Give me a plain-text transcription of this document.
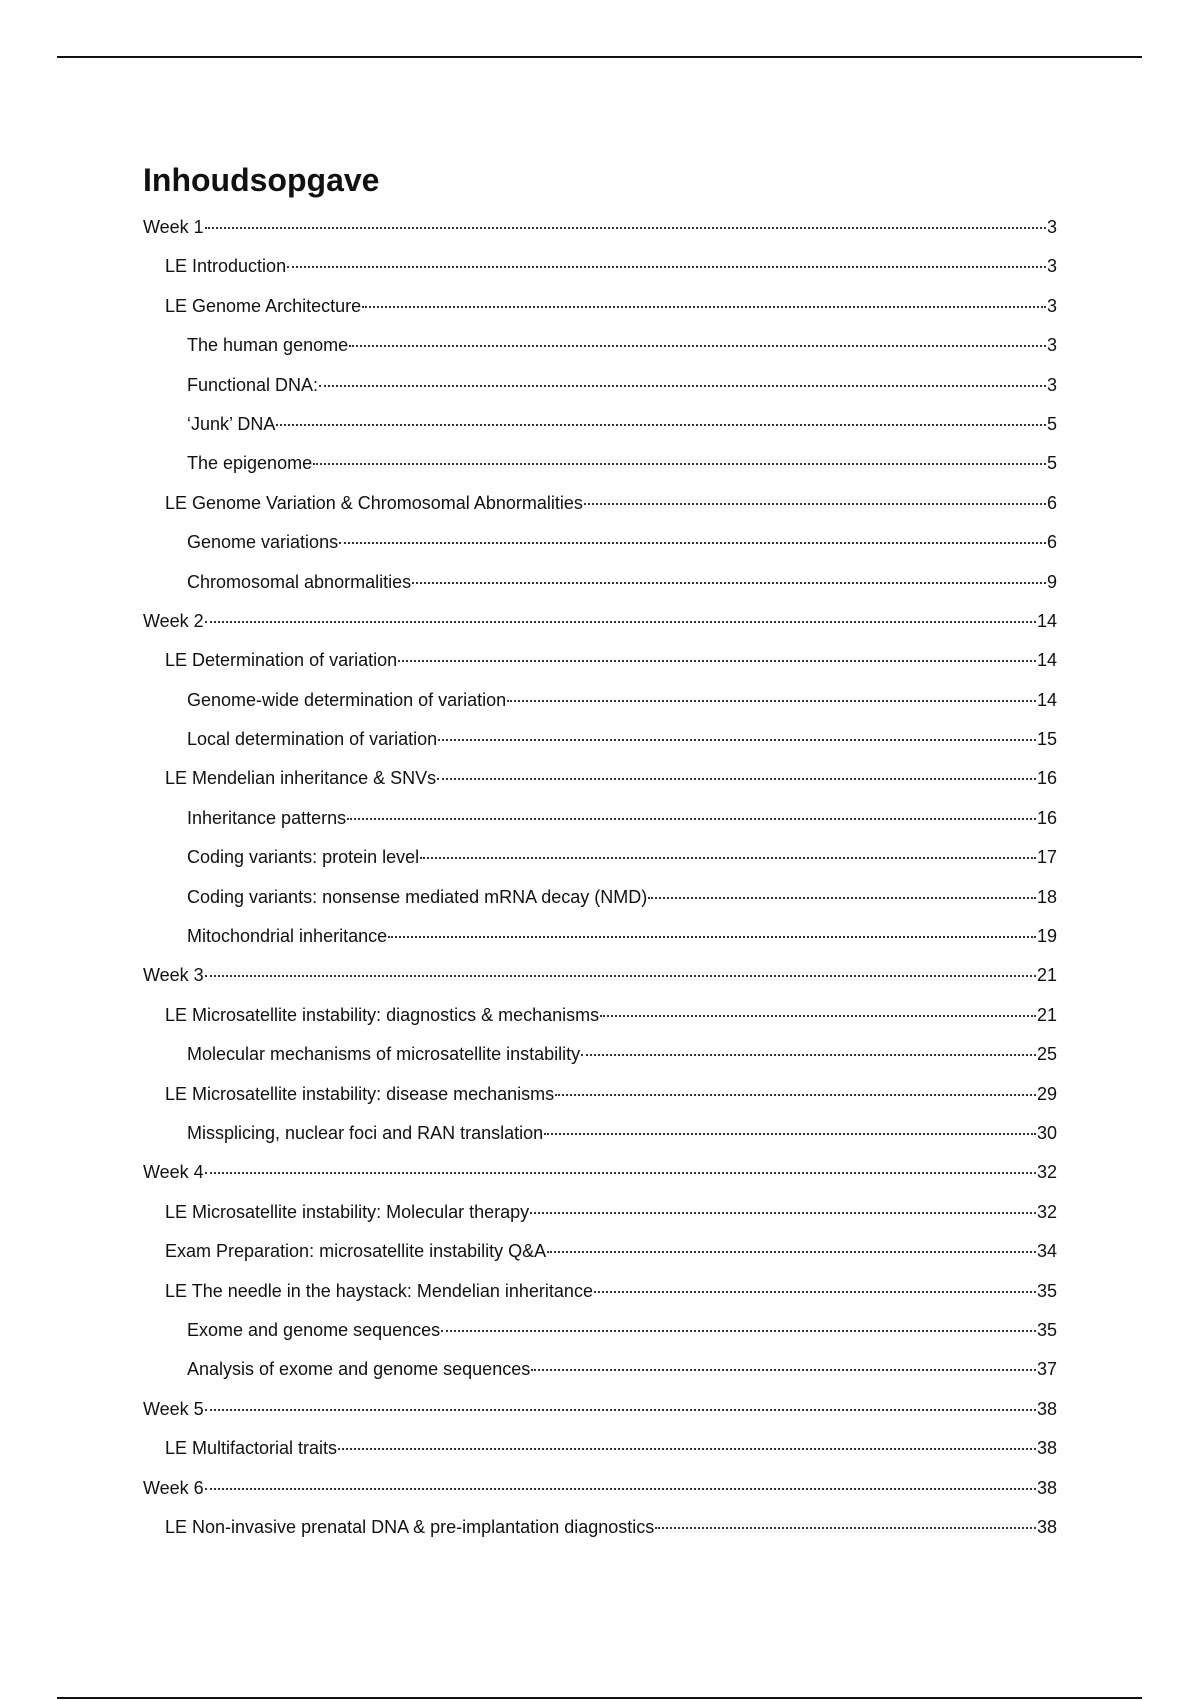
Inhoudsopgave
Week 1	3
LE Introduction	3
LE Genome Architecture	3
The human genome	3
Functional DNA:	3
‘Junk’ DNA	5
The epigenome	5
LE Genome Variation & Chromosomal Abnormalities	6
Genome variations	6
Chromosomal abnormalities	9
Week 2	14
LE Determination of variation	14
Genome-wide determination of variation	14
Local determination of variation	15
LE Mendelian inheritance & SNVs	16
Inheritance patterns	16
Coding variants: protein level	17
Coding variants: nonsense mediated mRNA decay (NMD)	18
Mitochondrial inheritance	19
Week 3	21
LE Microsatellite instability: diagnostics & mechanisms	21
Molecular mechanisms of microsatellite instability	25
LE Microsatellite instability: disease mechanisms	29
Missplicing, nuclear foci and RAN translation	30
Week 4	32
LE Microsatellite instability: Molecular therapy	32
Exam Preparation: microsatellite instability Q&A	34
LE The needle in the haystack: Mendelian inheritance	35
Exome and genome sequences	35
Analysis of exome and genome sequences	37
Week 5	38
LE Multifactorial traits	38
Week 6	38
LE Non-invasive prenatal DNA & pre-implantation diagnostics	38
